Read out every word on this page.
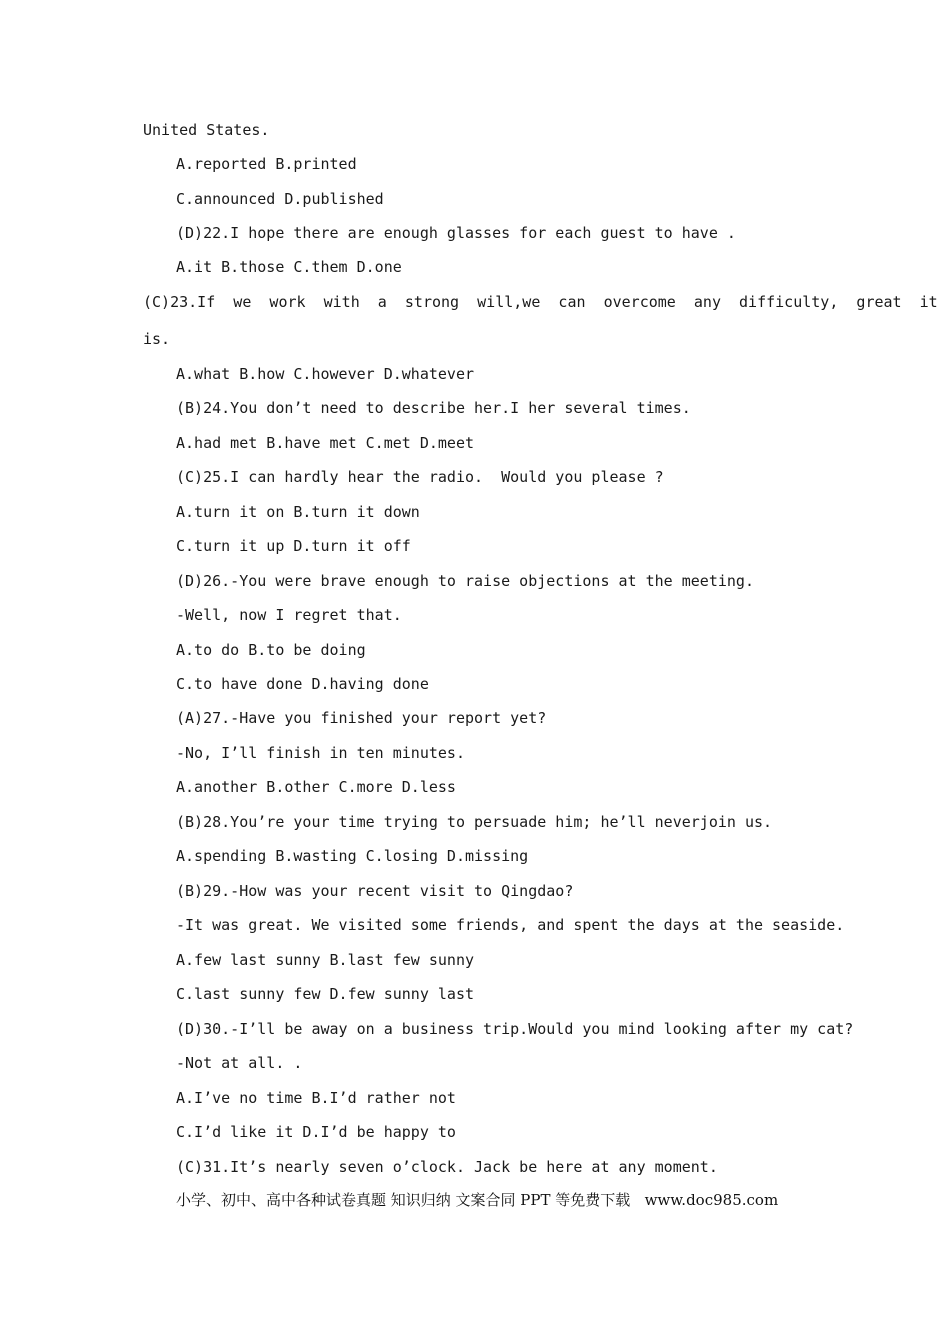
United States.
A.reported B.printed
C.announced D.published
(D)22.I hope there are enough glasses for each guest to have .
A.it B.those C.them D.one
(C)23.If  we  work  with  a  strong  will,we  can  overcome  any  difficulty,  great  it
is.
A.what B.how C.however D.whatever
(B)24.You don’t need to describe her.I her several times.
A.had met B.have met C.met D.meet
(C)25.I can hardly hear the radio.  Would you please ?
A.turn it on B.turn it down
C.turn it up D.turn it off
(D)26.-You were brave enough to raise objections at the meeting.
-Well, now I regret that.
A.to do B.to be doing
C.to have done D.having done
(A)27.-Have you finished your report yet?
-No, I’ll finish in ten minutes.
A.another B.other C.more D.less
(B)28.You’re your time trying to persuade him; he’ll neverjoin us.
A.spending B.wasting C.losing D.missing
(B)29.-How was your recent visit to Qingdao?
-It was great. We visited some friends, and spent the days at the seaside.
A.few last sunny B.last few sunny
C.last sunny few D.few sunny last
(D)30.-I’ll be away on a business trip.Would you mind looking after my cat?
-Not at all. .
A.I’ve no time B.I’d rather not
C.I’d like it D.I’d be happy to
(C)31.It’s nearly seven o’clock. Jack be here at any moment.
小学、初中、高中各种试卷真题 知识归纳 文案合同 PPT 等免费下载   www.doc985.com
